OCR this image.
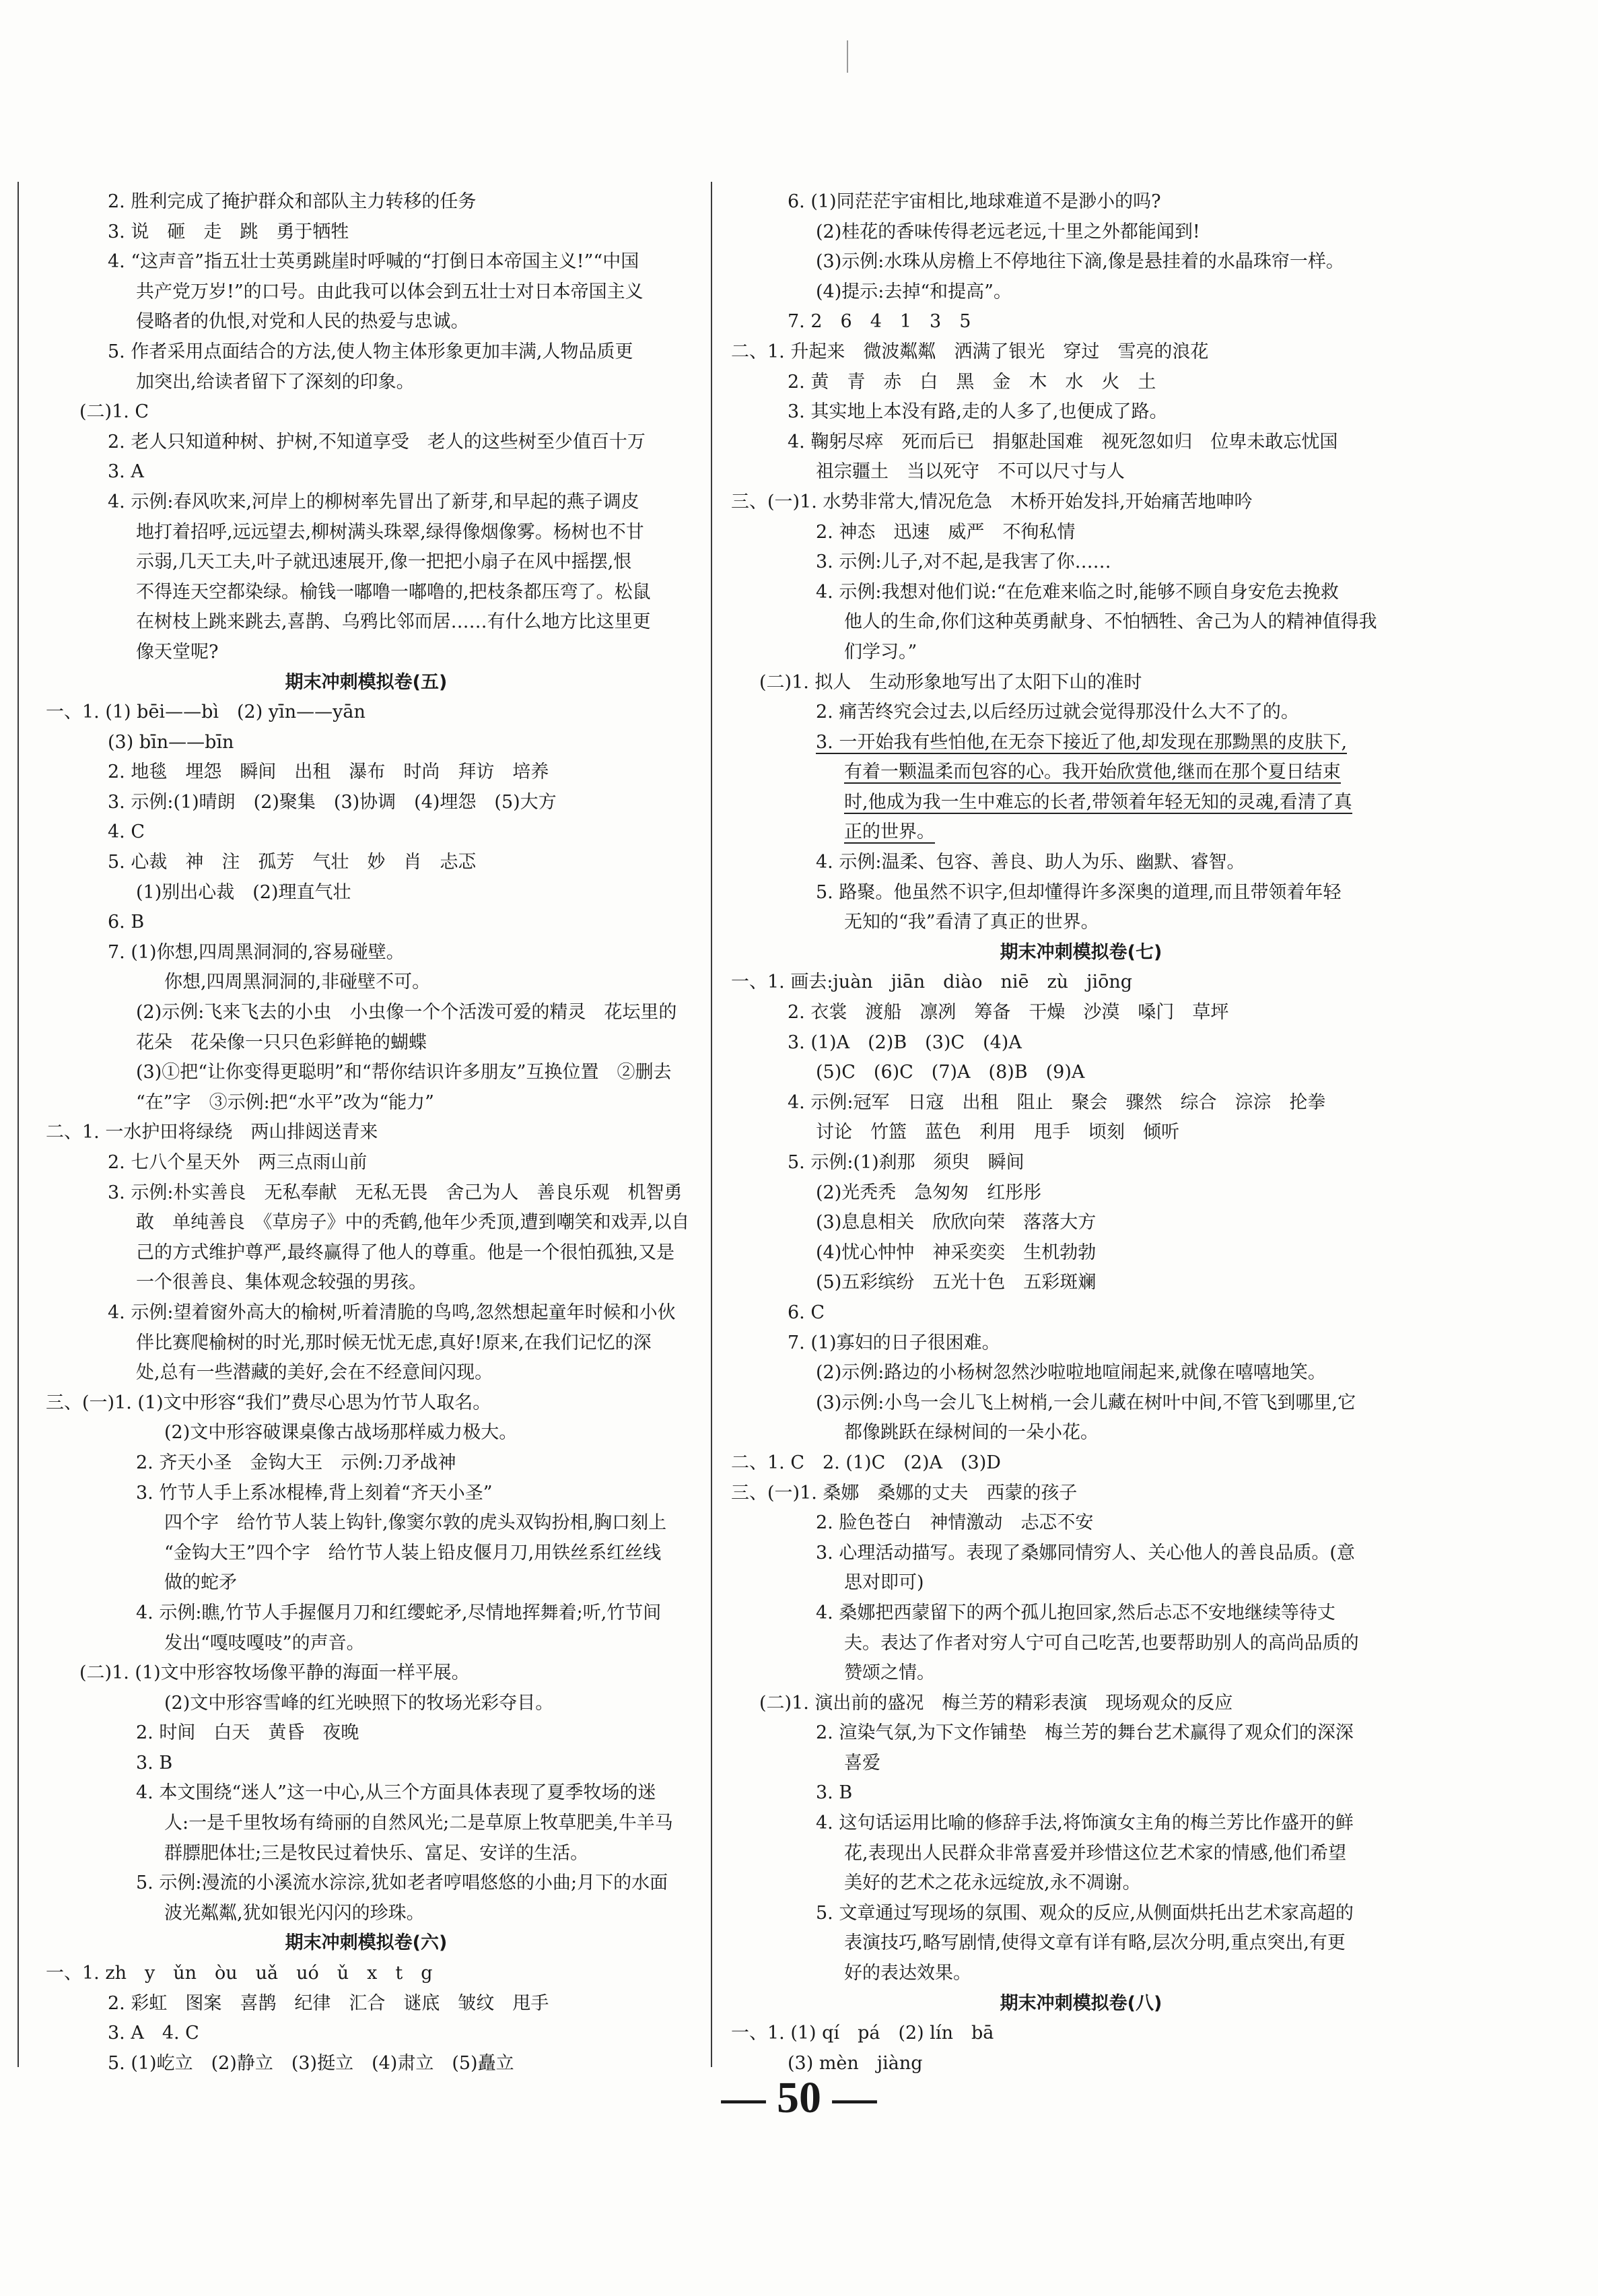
2. 胜利完成了掩护群众和部队主力转移的任务
3. 说　砸　走　跳　勇于牺牲
4. “这声音”指五壮士英勇跳崖时呼喊的“打倒日本帝国主义!”“中国
共产党万岁!”的口号。由此我可以体会到五壮士对日本帝国主义
侵略者的仇恨,对党和人民的热爱与忠诚。
5. 作者采用点面结合的方法,使人物主体形象更加丰满,人物品质更
加突出,给读者留下了深刻的印象。
(二)1. C
2. 老人只知道种树、护树,不知道享受　老人的这些树至少值百十万
3. A
4. 示例:春风吹来,河岸上的柳树率先冒出了新芽,和早起的燕子调皮
地打着招呼,远远望去,柳树满头珠翠,绿得像烟像雾。杨树也不甘
示弱,几天工夫,叶子就迅速展开,像一把把小扇子在风中摇摆,恨
不得连天空都染绿。榆钱一嘟噜一嘟噜的,把枝条都压弯了。松鼠
在树枝上跳来跳去,喜鹊、乌鸦比邻而居……有什么地方比这里更
像天堂呢?
期末冲刺模拟卷(五)
一、1. (1) bēi——bì　(2) yīn——yān
(3) bīn——bīn
2. 地毯　埋怨　瞬间　出租　瀑布　时尚　拜访　培养
3. 示例:(1)晴朗　(2)聚集　(3)协调　(4)埋怨　(5)大方
4. C
5. 心裁　神　注　孤芳　气壮　妙　肖　忐忑
(1)别出心裁　(2)理直气壮
6. B
7. (1)你想,四周黑洞洞的,容易碰壁。
你想,四周黑洞洞的,非碰壁不可。
(2)示例:飞来飞去的小虫　小虫像一个个活泼可爱的精灵　花坛里的
花朵　花朵像一只只色彩鲜艳的蝴蝶
(3)①把“让你变得更聪明”和“帮你结识许多朋友”互换位置　②删去
“在”字　③示例:把“水平”改为“能力”
二、1. 一水护田将绿绕　两山排闼送青来
2. 七八个星天外　两三点雨山前
3. 示例:朴实善良　无私奉献　无私无畏　舍己为人　善良乐观　机智勇
敢　单纯善良　《草房子》中的秃鹤,他年少秃顶,遭到嘲笑和戏弄,以自
己的方式维护尊严,最终赢得了他人的尊重。他是一个很怕孤独,又是
一个很善良、集体观念较强的男孩。
4. 示例:望着窗外高大的榆树,听着清脆的鸟鸣,忽然想起童年时候和小伙
伴比赛爬榆树的时光,那时候无忧无虑,真好!原来,在我们记忆的深
处,总有一些潜藏的美好,会在不经意间闪现。
三、(一)1. (1)文中形容“我们”费尽心思为竹节人取名。
(2)文中形容破课桌像古战场那样威力极大。
2. 齐天小圣　金钩大王　示例:刀矛战神
3. 竹节人手上系冰棍棒,背上刻着“齐天小圣”
四个字　给竹节人装上钩针,像窦尔敦的虎头双钩扮相,胸口刻上
“金钩大王”四个字　给竹节人装上铅皮偃月刀,用铁丝系红丝线
做的蛇矛
4. 示例:瞧,竹节人手握偃月刀和红缨蛇矛,尽情地挥舞着;听,竹节间
发出“嘎吱嘎吱”的声音。
(二)1. (1)文中形容牧场像平静的海面一样平展。
(2)文中形容雪峰的红光映照下的牧场光彩夺目。
2. 时间　白天　黄昏　夜晚
3. B
4. 本文围绕“迷人”这一中心,从三个方面具体表现了夏季牧场的迷
人:一是千里牧场有绮丽的自然风光;二是草原上牧草肥美,牛羊马
群膘肥体壮;三是牧民过着快乐、富足、安详的生活。
5. 示例:漫流的小溪流水淙淙,犹如老者哼唱悠悠的小曲;月下的水面
波光粼粼,犹如银光闪闪的珍珠。
期末冲刺模拟卷(六)
一、1. zh　y　ǔn　òu　uǎ　uó　ǔ　x　t　g
2. 彩虹　图案　喜鹊　纪律　汇合　谜底　皱纹　甩手
3. A　4. C
5. (1)屹立　(2)静立　(3)挺立　(4)肃立　(5)矗立
6. (1)同茫茫宇宙相比,地球难道不是渺小的吗?
(2)桂花的香味传得老远老远,十里之外都能闻到!
(3)示例:水珠从房檐上不停地往下滴,像是悬挂着的水晶珠帘一样。
(4)提示:去掉“和提高”。
7. 2　6　4　1　3　5
二、1. 升起来　微波粼粼　洒满了银光　穿过　雪亮的浪花
2. 黄　青　赤　白　黑　金　木　水　火　土
3. 其实地上本没有路,走的人多了,也便成了路。
4. 鞠躬尽瘁　死而后已　捐躯赴国难　视死忽如归　位卑未敢忘忧国
祖宗疆土　当以死守　不可以尺寸与人
三、(一)1. 水势非常大,情况危急　木桥开始发抖,开始痛苦地呻吟
2. 神态　迅速　威严　不徇私情
3. 示例:儿子,对不起,是我害了你……
4. 示例:我想对他们说:“在危难来临之时,能够不顾自身安危去挽救
他人的生命,你们这种英勇献身、不怕牺牲、舍己为人的精神值得我
们学习。”
(二)1. 拟人　生动形象地写出了太阳下山的准时
2. 痛苦终究会过去,以后经历过就会觉得那没什么大不了的。
3. 一开始我有些怕他,在无奈下接近了他,却发现在那黝黑的皮肤下,
有着一颗温柔而包容的心。我开始欣赏他,继而在那个夏日结束
时,他成为我一生中难忘的长者,带领着年轻无知的灵魂,看清了真
正的世界。
4. 示例:温柔、包容、善良、助人为乐、幽默、睿智。
5. 路聚。他虽然不识字,但却懂得许多深奥的道理,而且带领着年轻
无知的“我”看清了真正的世界。
期末冲刺模拟卷(七)
一、1. 画去:juàn　jiān　diào　niē　zù　jiōng
2. 衣裳　渡船　凛冽　筹备　干燥　沙漠　嗓门　草坪
3. (1)A　(2)B　(3)C　(4)A
(5)C　(6)C　(7)A　(8)B　(9)A
4. 示例:冠军　日寇　出租　阻止　聚会　骤然　综合　淙淙　抡拳
讨论　竹篮　蓝色　利用　甩手　顷刻　倾听
5. 示例:(1)刹那　须臾　瞬间
(2)光秃秃　急匆匆　红彤彤
(3)息息相关　欣欣向荣　落落大方
(4)忧心忡忡　神采奕奕　生机勃勃
(5)五彩缤纷　五光十色　五彩斑斓
6. C
7. (1)寡妇的日子很困难。
(2)示例:路边的小杨树忽然沙啦啦地喧闹起来,就像在嘻嘻地笑。
(3)示例:小鸟一会儿飞上树梢,一会儿藏在树叶中间,不管飞到哪里,它
都像跳跃在绿树间的一朵小花。
二、1. C　2. (1)C　(2)A　(3)D
三、(一)1. 桑娜　桑娜的丈夫　西蒙的孩子
2. 脸色苍白　神情激动　忐忑不安
3. 心理活动描写。表现了桑娜同情穷人、关心他人的善良品质。(意
思对即可)
4. 桑娜把西蒙留下的两个孤儿抱回家,然后忐忑不安地继续等待丈
夫。表达了作者对穷人宁可自己吃苦,也要帮助别人的高尚品质的
赞颂之情。
(二)1. 演出前的盛况　梅兰芳的精彩表演　现场观众的反应
2. 渲染气氛,为下文作铺垫　梅兰芳的舞台艺术赢得了观众们的深深
喜爱
3. B
4. 这句话运用比喻的修辞手法,将饰演女主角的梅兰芳比作盛开的鲜
花,表现出人民群众非常喜爱并珍惜这位艺术家的情感,他们希望
美好的艺术之花永远绽放,永不凋谢。
5. 文章通过写现场的氛围、观众的反应,从侧面烘托出艺术家高超的
表演技巧,略写剧情,使得文章有详有略,层次分明,重点突出,有更
好的表达效果。
期末冲刺模拟卷(八)
一、1. (1) qí　pá　(2) lín　bā
(3) mèn　jiàng
— 50 —
